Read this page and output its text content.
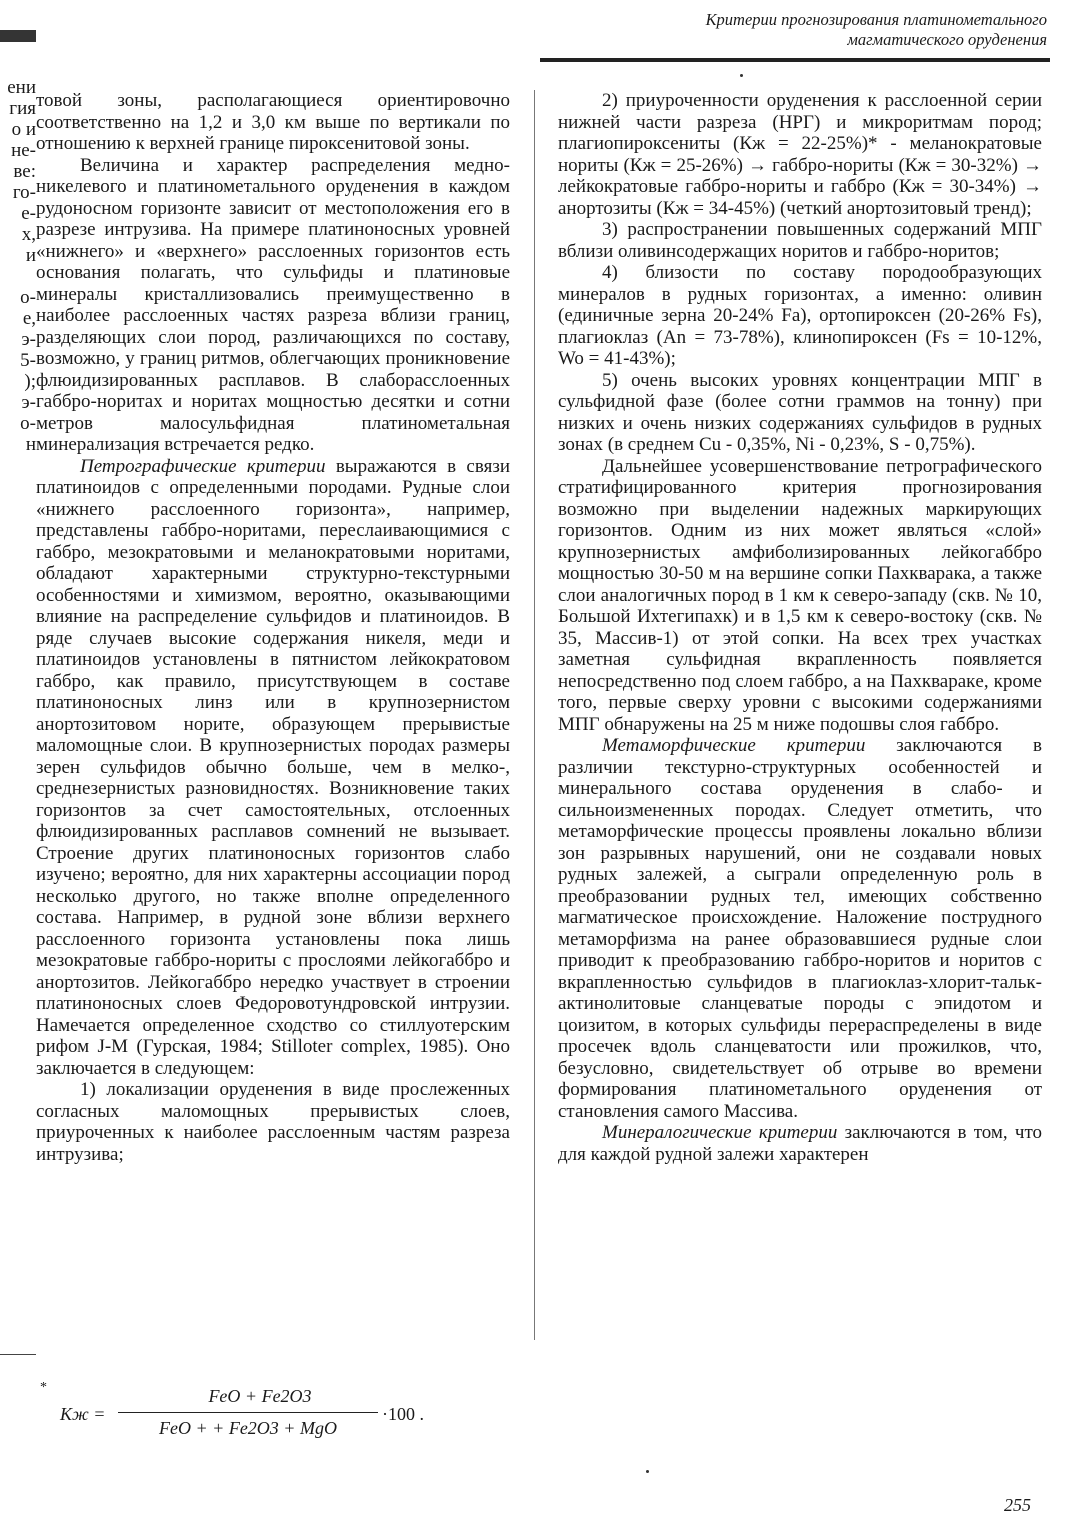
ени
гия
о и
не-
ве:
го-
е-
х,
и
о-
е,
э-
5-
);
э-
о-
н
Критерии прогнозирования платинометального
магматического оруденения

товой зоны, располагающиеся ориентировочно соответственно на 1,2 и 3,0 км выше по вертикали по отношению к верхней границе пироксенитовой зоны.

Величина и характер распределения медно-никелевого и платинометального оруденения в каждом рудоносном горизонте зависит от местоположения его в разрезе интрузива. На примере платиноносных уровней «нижнего» и «верхнего» расслоенных горизонтов есть основания полагать, что сульфиды и платиновые минералы кристаллизовались преимущественно в наиболее расслоенных частях разреза вблизи границ, разделяющих слои пород, различающихся по составу, возможно, у границ ритмов, облегчающих проникновение флюидизированных расплавов. В слаборасслоенных габбро-норитах и норитах мощностью десятки и сотни метров малосульфидная платинометальная минерализация встречается редко.

Петрографические критерии выражаются в связи платиноидов с определенными породами. Рудные слои «нижнего расслоенного горизонта», например, представлены габбро-норитами, переслаивающимися с габбро, мезократовыми и меланократовыми норитами, обладают характерными структурно-текстурными особенностями и химизмом, вероятно, оказывающими влияние на распределение сульфидов и платиноидов. В ряде случаев высокие содержания никеля, меди и платиноидов установлены в пятнистом лейкократовом габбро, как правило, присутствующем в составе платиноносных линз или в крупнозернистом анортозитовом норите, образующем прерывистые маломощные слои. В крупнозернистых породах размеры зерен сульфидов обычно больше, чем в мелко-, среднезернистых разновидностях. Возникновение таких горизонтов за счет самостоятельных, отслоенных флюидизированных расплавов сомнений не вызывает. Строение других платиноносных горизонтов слабо изучено; вероятно, для них характерны ассоциации пород несколько другого, но также вполне определенного состава. Например, в рудной зоне вблизи верхнего расслоенного горизонта установлены пока лишь мезократовые габбро-нориты с прослоями лейкогаббро и анортозитов. Лейкогаббро нередко участвует в строении платиноносных слоев Федоровотундровской интрузии. Намечается определенное сходство со стиллуотерским рифом J-M (Гурская, 1984; Stilloter complex, 1985). Оно заключается в следующем:

1) локализации оруденения в виде прослеженных согласных маломощных прерывистых слоев, приуроченных к наиболее расслоенным частям разреза интрузива;

2) приуроченности оруденения к расслоенной серии нижней части разреза (НРГ) и микроритмам пород; плагиопироксениты (Кж = 22-25%)* - меланократовые нориты (Кж = 25-26%) → габбро-нориты (Кж = 30-32%) → лейкократовые габбро-нориты и габбро (Кж = 30-34%) → анортозиты (Кж = 34-45%) (четкий анортозитовый тренд);

3) распространении повышенных содержаний МПГ вблизи оливинсодержащих норитов и габбро-норитов;

4) близости по составу породообразующих минералов в рудных горизонтах, а именно: оливин (единичные зерна 20-24% Fa), ортопироксен (20-26% Fs), плагиоклаз (An = 73-78%), клинопироксен (Fs = 10-12%, Wo = 41-43%);

5) очень высоких уровнях концентрации МПГ в сульфидной фазе (более сотни граммов на тонну) при низких и очень низких содержаниях сульфидов в рудных зонах (в среднем Cu - 0,35%, Ni - 0,23%, S - 0,75%).

Дальнейшее усовершенствование петрографического стратифицированного критерия прогнозирования возможно при выделении надежных маркирующих горизонтов. Одним из них может являться «слой» крупнозернистых амфиболизированных лейкогаббро мощностью 30-50 м на вершине сопки Пахкварака, а также слои аналогичных пород в 1 км к северо-западу (скв. № 10, Большой Ихтегипахк) и в 1,5 км к северо-востоку (скв. № 35, Массив-1) от этой сопки. На всех трех участках заметная сульфидная вкрапленность появляется непосредственно под слоем габбро, а на Пахкваракe, кроме того, первые сверху уровни с высокими содержаниями МПГ обнаружены на 25 м ниже подошвы слоя габбро.

Метаморфические критерии заключаются в различии текстурно-структурных особенностей и минерального состава оруденения в слабо- и сильноизмененных породах. Следует отметить, что метаморфические процессы проявлены локально вблизи зон разрывных нарушений, они не создавали новых рудных залежей, а сыграли определенную роль в преобразовании рудных тел, имеющих собственно магматическое происхождение. Наложение пострудного метаморфизма на ранее образовавшиеся рудные слои приводит к преобразованию габбро-норитов и норитов с вкрапленностью сульфидов в плагиоклаз-хлорит-тальк-актинолитовые сланцеватые породы с эпидотом и цоизитом, в которых сульфиды перераспределены в виде просечек вдоль сланцеватости или прожилков, что, безусловно, свидетельствует об отрыве во времени формирования платинометального оруденения от становления самого Массива.

Минералогические критерии заключаются в том, что для каждой рудной залежи характерен

*
Кж =
FeO + Fe2O3
FeO + + Fe2O3 + MgO
·100 .
255
